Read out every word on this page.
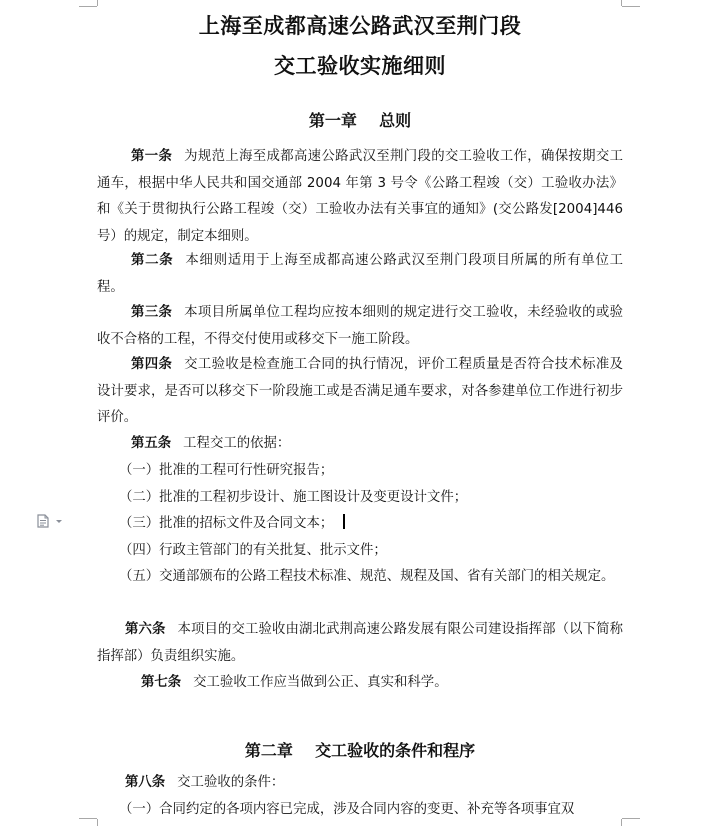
上海至成都高速公路武汉至荆门段
交工验收实施细则
第一章    总则
第一条 为规范上海至成都高速公路武汉至荆门段的交工验收工作，确保按期交工通车，根据中华人民共和国交通部 2004 年第 3 号令《公路工程竣（交）工验收办法》和《关于贯彻执行公路工程竣（交）工验收办法有关事宜的通知》(交公路发[2004]446 号）的规定，制定本细则。
第二条 本细则适用于上海至成都高速公路武汉至荆门段项目所属的所有单位工程。
第三条 本项目所属单位工程均应按本细则的规定进行交工验收，未经验收的或验收不合格的工程，不得交付使用或移交下一施工阶段。
第四条 交工验收是检查施工合同的执行情况，评价工程质量是否符合技术标准及设计要求，是否可以移交下一阶段施工或是否满足通车要求，对各参建单位工作进行初步评价。
第五条 工程交工的依据：
（一）批准的工程可行性研究报告；
（二）批准的工程初步设计、施工图设计及变更设计文件；
（三）批准的招标文件及合同文本；
（四）行政主管部门的有关批复、批示文件；
（五）交通部颁布的公路工程技术标准、规范、规程及国、省有关部门的相关规定。
第六条 本项目的交工验收由湖北武荆高速公路发展有限公司建设指挥部（以下简称指挥部）负责组织实施。
第七条 交工验收工作应当做到公正、真实和科学。
第二章    交工验收的条件和程序
第八条 交工验收的条件：
（一）合同约定的各项内容已完成，涉及合同内容的变更、补充等各项事宜双
